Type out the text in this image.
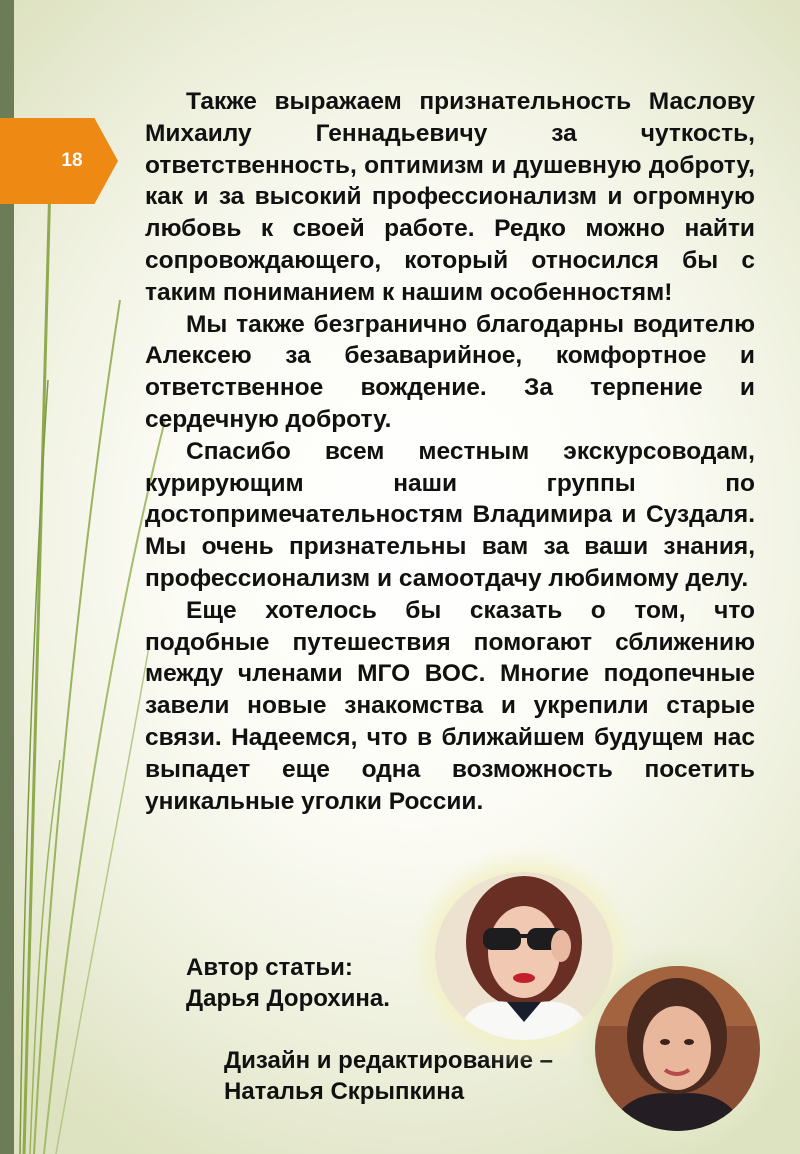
18

Также выражаем признательность Маслову Михаилу Геннадьевичу за чуткость, ответственность, оптимизм и душевную доброту, как и за высокий профессионализм и огромную любовь к своей работе. Редко можно найти сопровождающего, который относился бы с таким пониманием к нашим особенностям!

Мы также безгранично благодарны водителю Алексею за безаварийное, комфортное и ответственное вождение. За терпение и сердечную доброту.

Спасибо всем местным экскурсоводам, курирующим наши группы по достопримечательностям Владимира и Суздаля. Мы очень признательны вам за ваши знания, профессионализм и самоотдачу любимому делу.

Еще хотелось бы сказать о том, что подобные путешествия помогают сближению между членами МГО ВОС. Многие подопечные завели новые знакомства и укрепили старые связи. Надеемся, что в ближайшем будущем нас выпадет еще одна возможность посетить уникальные уголки России.

Автор статьи:
Дарья Дорохина.
Дизайн и редактирование –
Наталья Скрыпкина
